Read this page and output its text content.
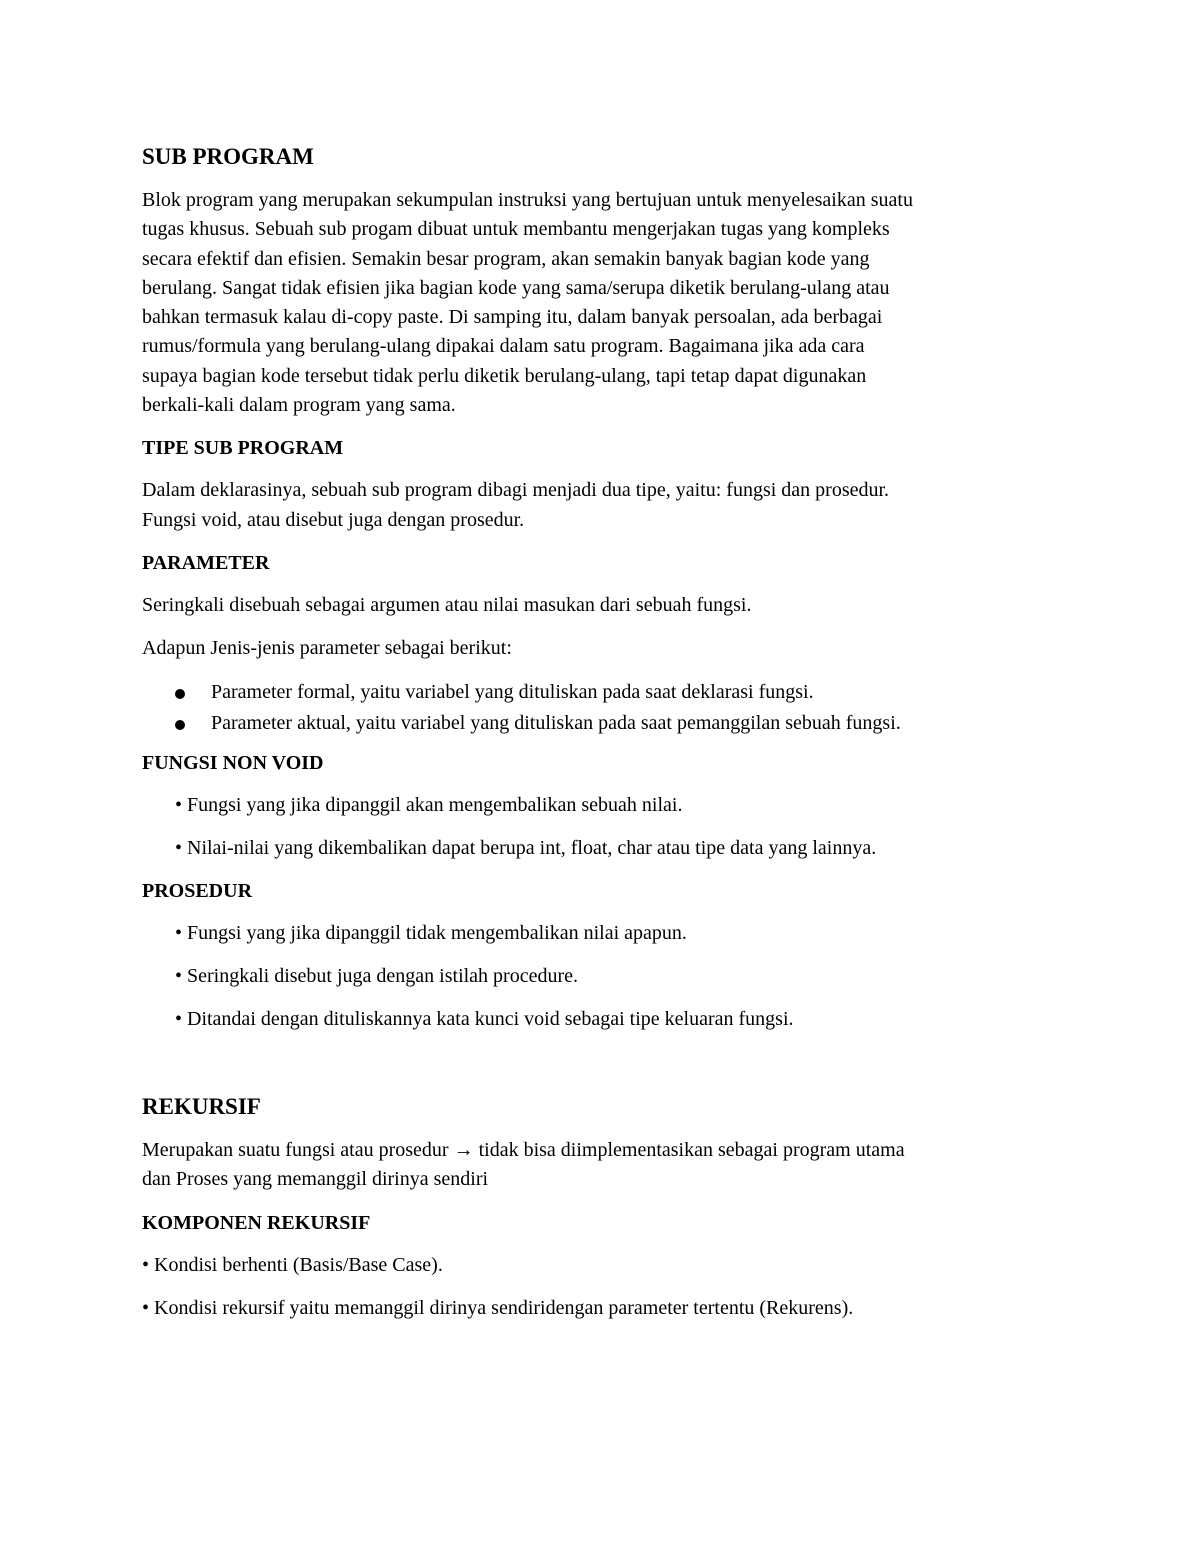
SUB PROGRAM
Blok program yang merupakan sekumpulan instruksi yang bertujuan untuk menyelesaikan suatu
tugas khusus. Sebuah sub progam dibuat untuk membantu mengerjakan tugas yang kompleks
secara efektif dan efisien. Semakin besar program, akan semakin banyak bagian kode yang
berulang. Sangat tidak efisien jika bagian kode yang sama/serupa diketik berulang-ulang atau
bahkan termasuk kalau di-copy paste. Di samping itu, dalam banyak persoalan, ada berbagai
rumus/formula yang berulang-ulang dipakai dalam satu program. Bagaimana jika ada cara
supaya bagian kode tersebut tidak perlu diketik berulang-ulang, tapi tetap dapat digunakan
berkali-kali dalam program yang sama.
TIPE SUB PROGRAM
Dalam deklarasinya, sebuah sub program dibagi menjadi dua tipe, yaitu: fungsi dan prosedur.
Fungsi void, atau disebut juga dengan prosedur.
PARAMETER

Seringkali disebuah sebagai argumen atau nilai masukan dari sebuah fungsi.

Adapun Jenis-jenis parameter sebagai berikut:

Parameter formal, yaitu variabel yang dituliskan pada saat deklarasi fungsi.
Parameter aktual, yaitu variabel yang dituliskan pada saat pemanggilan sebuah fungsi.
FUNGSI NON VOID

• Fungsi yang jika dipanggil akan mengembalikan sebuah nilai.

• Nilai-nilai yang dikembalikan dapat berupa int, float, char atau tipe data yang lainnya.

PROSEDUR

• Fungsi yang jika dipanggil tidak mengembalikan nilai apapun.

• Seringkali disebut juga dengan istilah procedure.

• Ditandai dengan dituliskannya kata kunci void sebagai tipe keluaran fungsi.

REKURSIF
Merupakan suatu fungsi atau prosedur → tidak bisa diimplementasikan sebagai program utama
dan Proses yang memanggil dirinya sendiri
KOMPONEN REKURSIF

• Kondisi berhenti (Basis/Base Case).

• Kondisi rekursif yaitu memanggil dirinya sendiridengan parameter tertentu (Rekurens).
